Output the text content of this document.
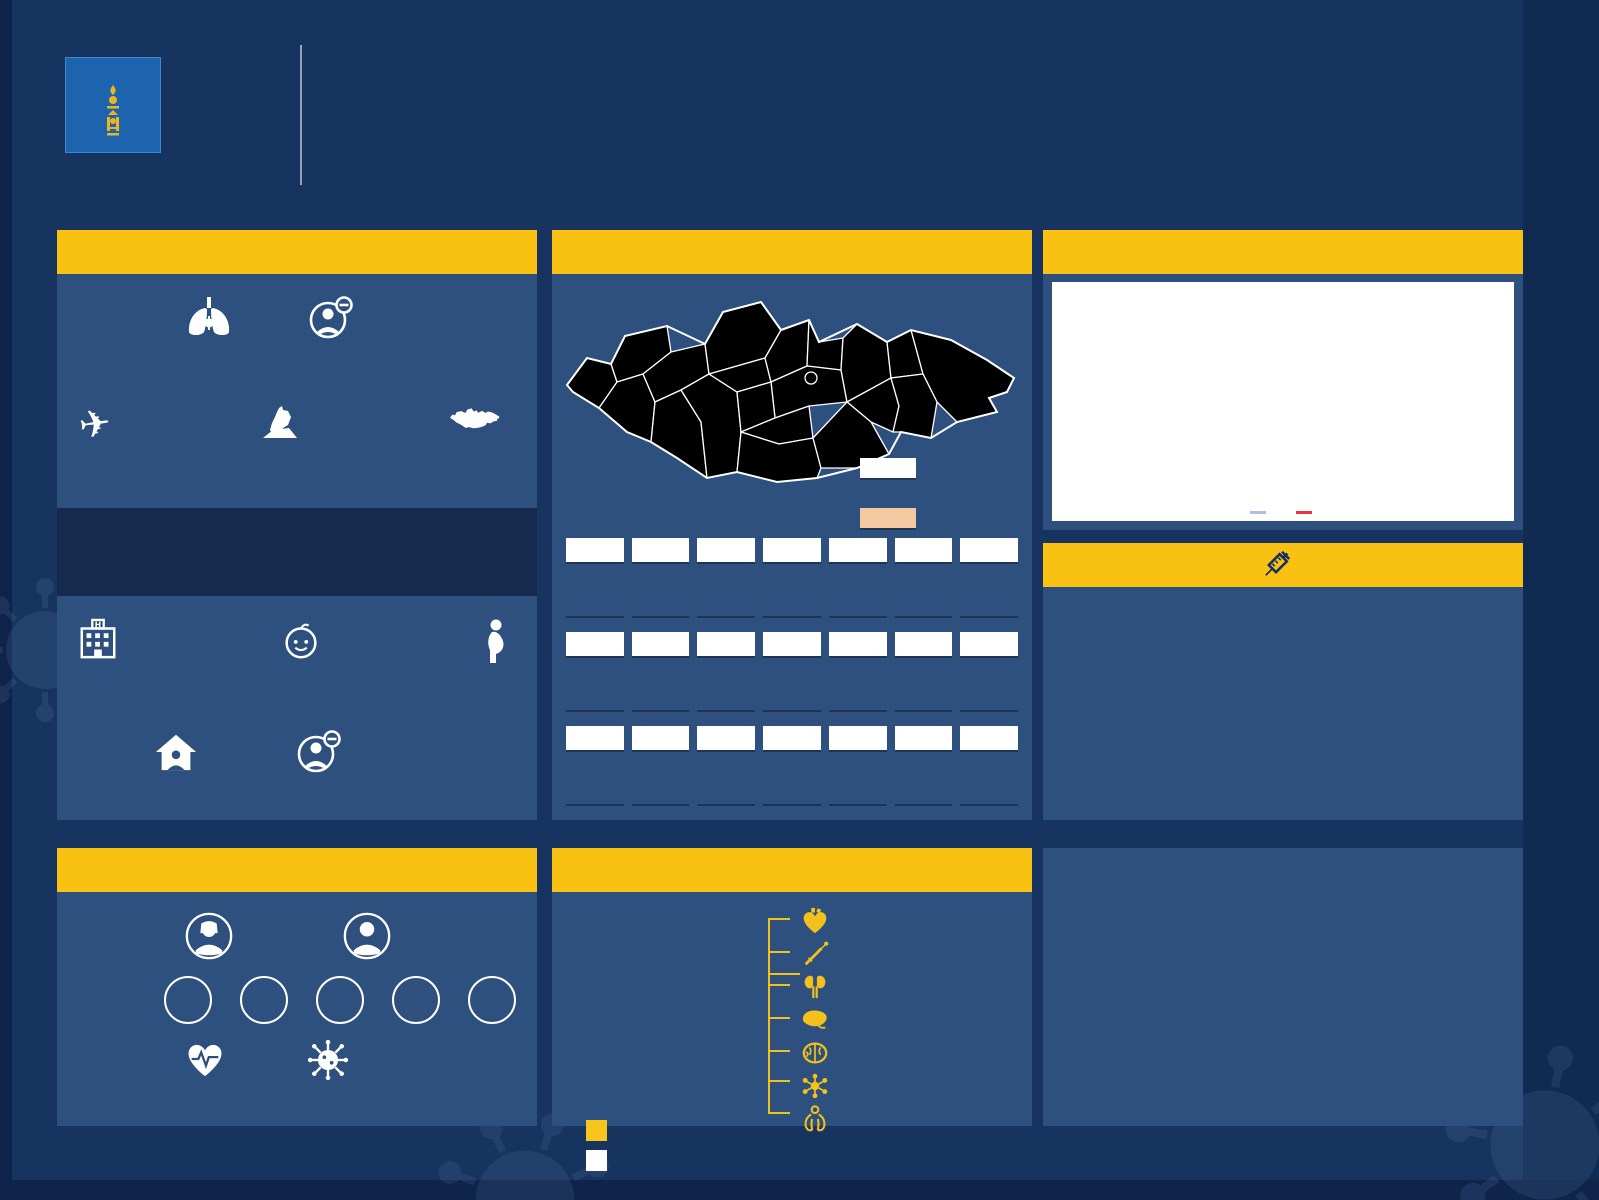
✈
Н
